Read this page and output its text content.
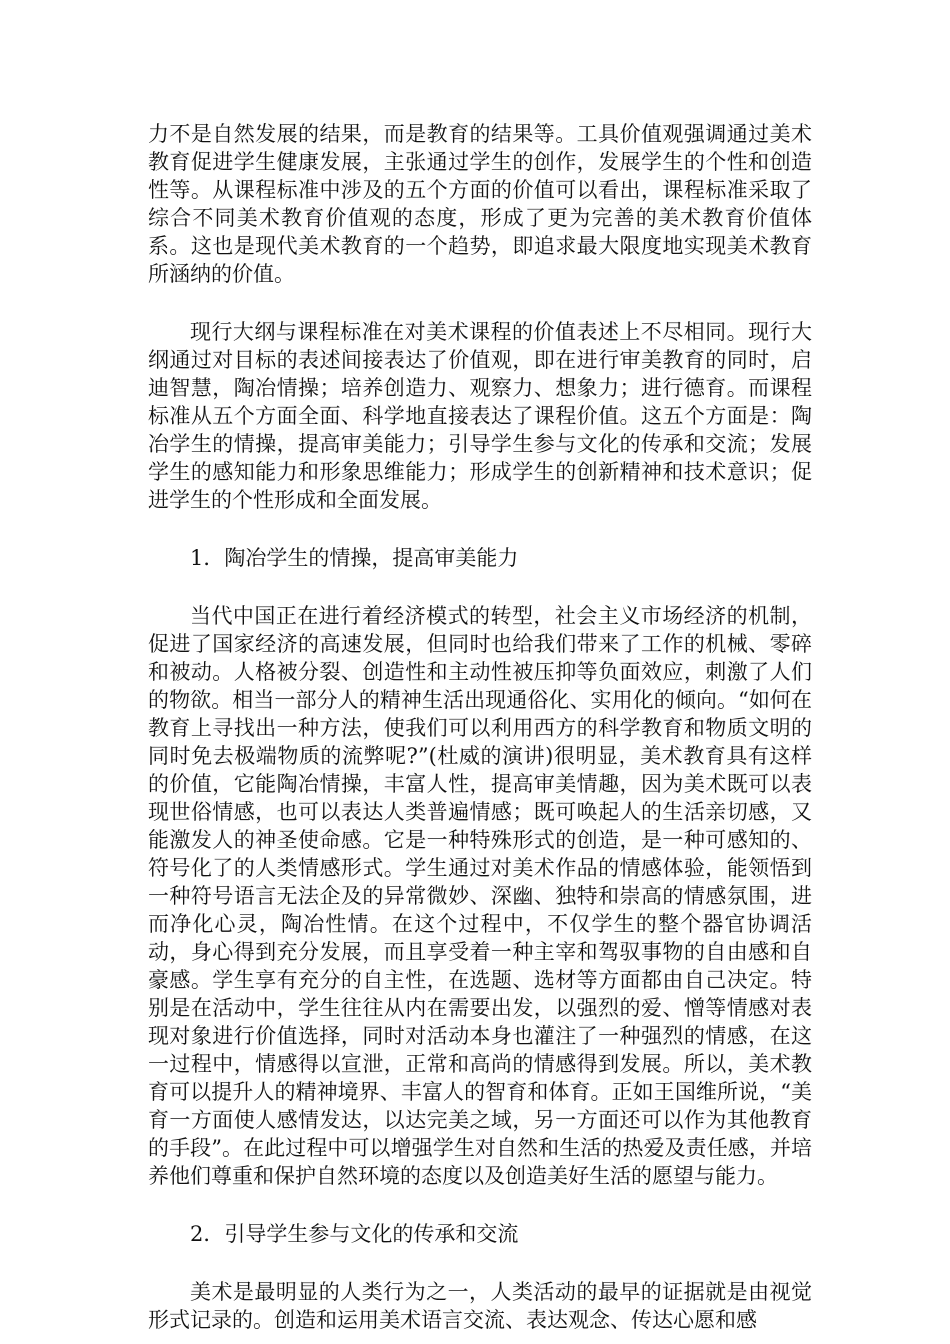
力不是自然发展的结果，而是教育的结果等。工具价值观强调通过美术教育促进学生健康发展，主张通过学生的创作，发展学生的个性和创造性等。从课程标准中涉及的五个方面的价值可以看出，课程标准采取了综合不同美术教育价值观的态度，形成了更为完善的美术教育价值体系。这也是现代美术教育的一个趋势，即追求最大限度地实现美术教育所涵纳的价值。

现行大纲与课程标准在对美术课程的价值表述上不尽相同。现行大纲通过对目标的表述间接表达了价值观，即在进行审美教育的同时，启迪智慧，陶冶情操；培养创造力、观察力、想象力；进行德育。而课程标准从五个方面全面、科学地直接表达了课程价值。这五个方面是：陶冶学生的情操，提高审美能力；引导学生参与文化的传承和交流；发展学生的感知能力和形象思维能力；形成学生的创新精神和技术意识；促进学生的个性形成和全面发展。

1．陶冶学生的情操，提高审美能力

当代中国正在进行着经济模式的转型，社会主义市场经济的机制，促进了国家经济的高速发展，但同时也给我们带来了工作的机械、零碎和被动。人格被分裂、创造性和主动性被压抑等负面效应，刺激了人们的物欲。相当一部分人的精神生活出现通俗化、实用化的倾向。“如何在教育上寻找出一种方法，使我们可以利用西方的科学教育和物质文明的同时免去极端物质的流弊呢?”(杜威的演讲)很明显，美术教育具有这样的价值，它能陶冶情操，丰富人性，提高审美情趣，因为美术既可以表现世俗情感，也可以表达人类普遍情感；既可唤起人的生活亲切感，又能激发人的神圣使命感。它是一种特殊形式的创造，是一种可感知的、符号化了的人类情感形式。学生通过对美术作品的情感体验，能领悟到一种符号语言无法企及的异常微妙、深幽、独特和崇高的情感氛围，进而净化心灵，陶冶性情。在这个过程中，不仅学生的整个器官协调活动，身心得到充分发展，而且享受着一种主宰和驾驭事物的自由感和自豪感。学生享有充分的自主性，在选题、选材等方面都由自己决定。特别是在活动中，学生往往从内在需要出发，以强烈的爱、憎等情感对表现对象进行价值选择，同时对活动本身也灌注了一种强烈的情感，在这一过程中，情感得以宣泄，正常和高尚的情感得到发展。所以，美术教育可以提升人的精神境界、丰富人的智育和体育。正如王国维所说，“美育一方面使人感情发达，以达完美之域，另一方面还可以作为其他教育的手段”。在此过程中可以增强学生对自然和生活的热爱及责任感，并培养他们尊重和保护自然环境的态度以及创造美好生活的愿望与能力。

2．引导学生参与文化的传承和交流

美术是最明显的人类行为之一，人类活动的最早的证据就是由视觉形式记录的。创造和运用美术语言交流、表达观念、传达心愿和感
